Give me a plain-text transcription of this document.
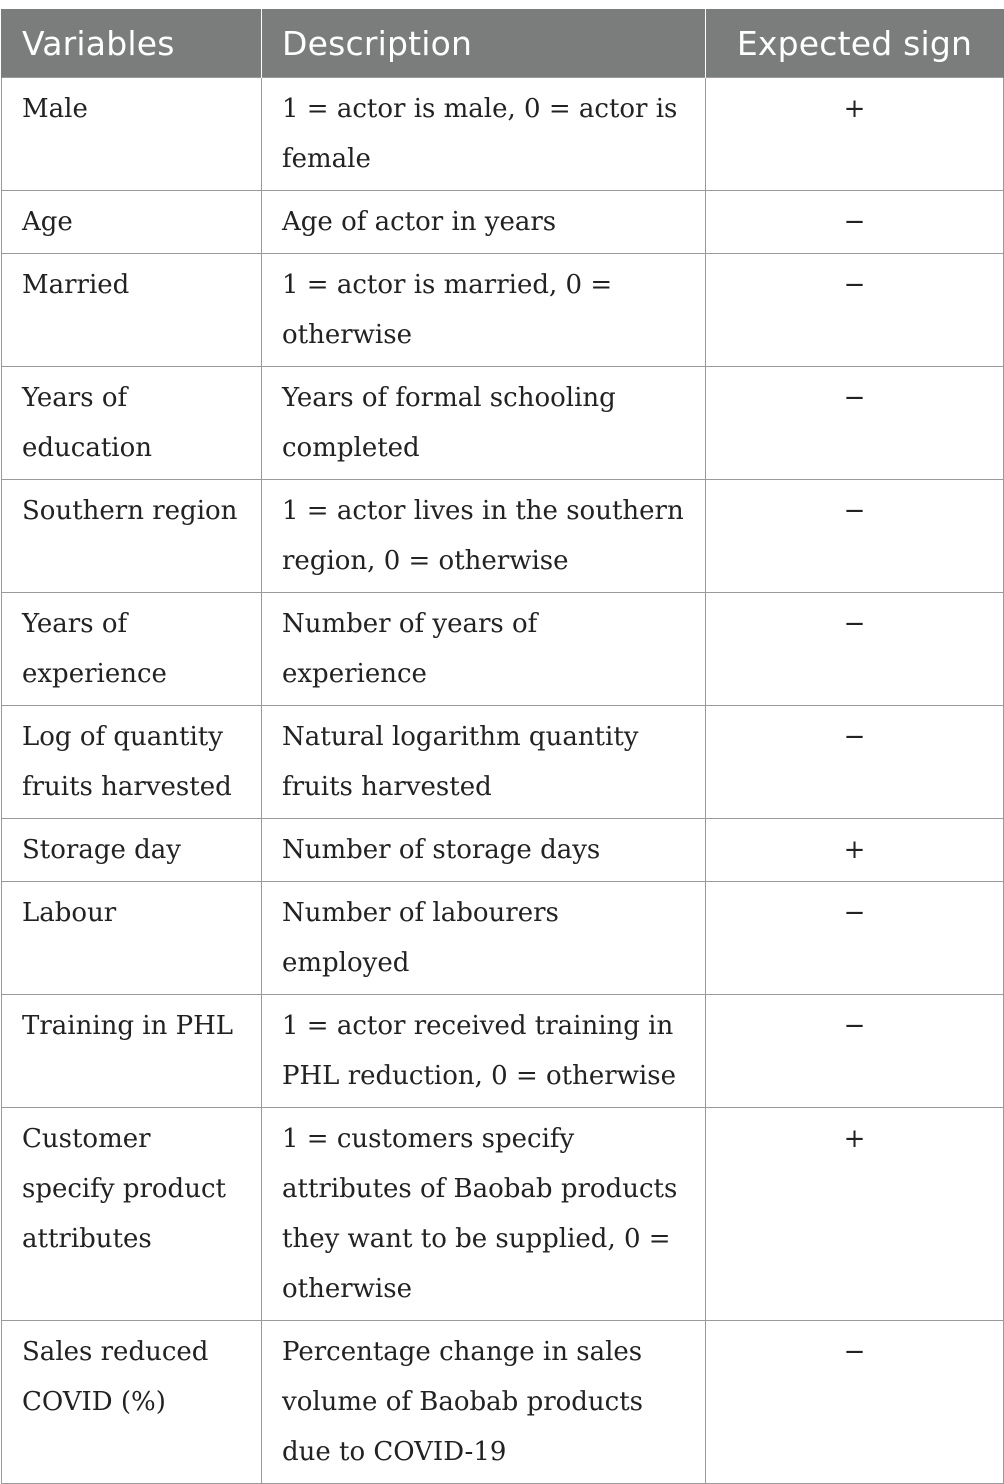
Variables	Description	Expected sign
Male	1 = actor is male, 0 = actor is female	+
Age	Age of actor in years	−
Married	1 = actor is married, 0 = otherwise	−
Years of education	Years of formal schooling completed	−
Southern region	1 = actor lives in the southern region, 0 = otherwise	−
Years of experience	Number of years of experience	−
Log of quantity fruits harvested	Natural logarithm quantity fruits harvested	−
Storage day	Number of storage days	+
Labour	Number of labourers employed	−
Training in PHL	1 = actor received training in PHL reduction, 0 = otherwise	−
Customer specify product attributes	1 = customers specify attributes of Baobab products they want to be supplied, 0 = otherwise	+
Sales reduced COVID (%)	Percentage change in sales volume of Baobab products due to COVID-19	−
